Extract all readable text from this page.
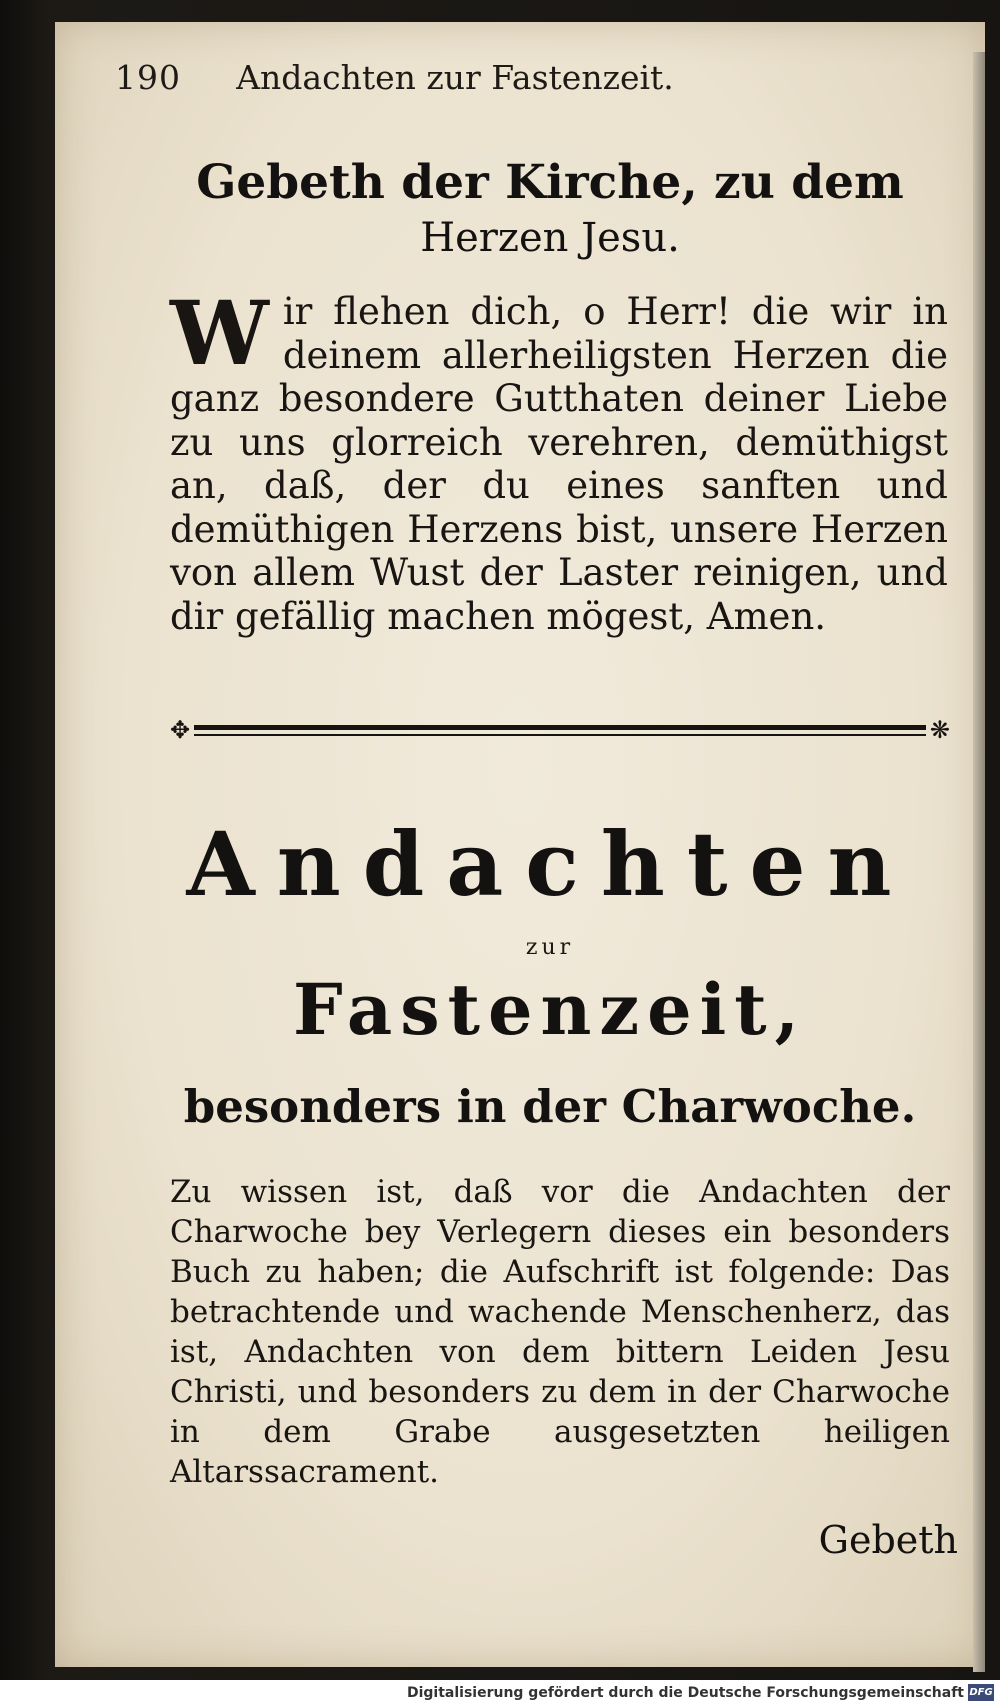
190	Andachten zur Fastenzeit.
Gebeth der Kirche, zu dem
Herzen Jesu.
W ir flehen dich, o Herr! die wir in deinem allerheiligsten Herzen die ganz besondere Gutthaten deiner Liebe zu uns glorreich verehren, demüthigst an, daß, der du eines sanften und demüthigen Herzens bist, unsere Herzen von allem Wust der Laster reinigen, und dir gefällig machen mögest, Amen.
✥	❋
Andachten
zur
Fastenzeit,
besonders in der Charwoche.
Zu wissen ist, daß vor die Andachten der Charwoche bey Verlegern dieses ein besonders Buch zu haben; die Aufschrift ist folgende: Das betrachtende und wachende Menschenherz, das ist, Andachten von dem bittern Leiden Jesu Christi, und besonders zu dem in der Charwoche in dem Grabe ausgesetzten heiligen Altarssacrament.
Gebeth
Digitalisierung gefördert durch die Deutsche Forschungsgemeinschaft DFG
